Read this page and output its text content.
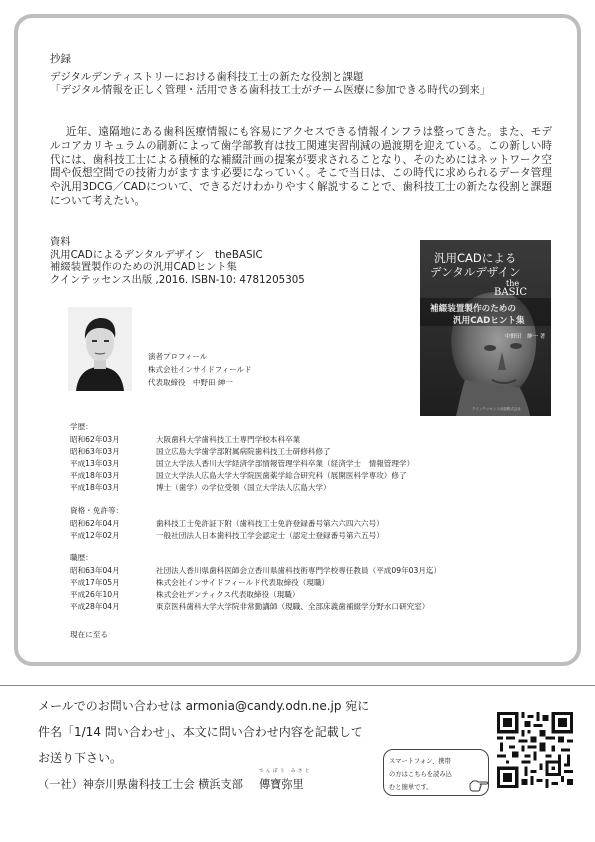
抄録
デジタルデンティストリーにおける歯科技工士の新たな役割と課題
「デジタル情報を正しく管理・活用できる歯科技工士がチーム医療に参加できる時代の到来」
近年、遠隔地にある歯科医療情報にも容易にアクセスできる情報インフラは整ってきた。また、モデルコアカリキュラムの刷新によって歯学部教育は技工関連実習削減の過渡期を迎えている。この新しい時代には、歯科技工士による積極的な補綴計画の提案が要求されることなり、そのためにはネットワーク空間や仮想空間での技術力がますます必要になっていく。そこで当日は、この時代に求められるデータ管理や汎用3DCG／CADについて、できるだけわかりやすく解説することで、歯科技工士の新たな役割と課題について考えたい。
資料
汎用CADによるデンタルデザイン　theBASIC
補綴装置製作のための汎用CADヒント集
クインテッセンス出版 ,2016. ISBN-10: 4781205305
汎用CADによる
デンタルデザイン
the
BASIC
補綴装置製作のための
汎用CADヒント集
中野田　紳一 著
クインテッセンス出版株式会社
演者プロフィール
株式会社インサイドフィールド
代表取締役　中野田 紳一
学歴：
昭和62年03月	大阪歯科大学歯科技工士専門学校本科卒業
昭和63年03月	国立広島大学歯学部附属病院歯科技工士研修科修了
平成13年03月	国立大学法人香川大学経済学部情報管理学科卒業（経済学士　情報管理学）
平成18年03月	国立大学法人広島大学大学院医歯薬学総合研究科（展開医科学専攻）修了
平成18年03月	博士（歯学）の学位受領（国立大学法人広島大学）
資格・免許等：
昭和62年04月	歯科技工士免許証下附（歯科技工士免許登録番号第六六四六六号）
平成12年02月	一般社団法人日本歯科技工学会認定士（認定士登録番号第六五号）
職歴：
昭和63年04月	社団法人香川県歯科医師会立香川県歯科技術専門学校専任教員（平成09年03月迄）
平成17年05月	株式会社インサイドフィールド代表取締役（現職）
平成26年10月	株式会社デンティクス代表取締役（現職）
平成28年04月	東京医科歯科大学大学院非常勤講師（現職、全部床義歯補綴学分野水口研究室）
現在に至る
メールでのお問い合わせは armonia@candy.odn.ne.jp 宛に
件名「1/14 問い合わせ」、本文に問い合わせ内容を記載して
お送り下さい。
（一社）神奈川県歯科技工士会 横浜支部
でんぽう みさと
傳寶弥里
スマートフォン、携帯
の方はこちらを読み込
むと簡単です。
